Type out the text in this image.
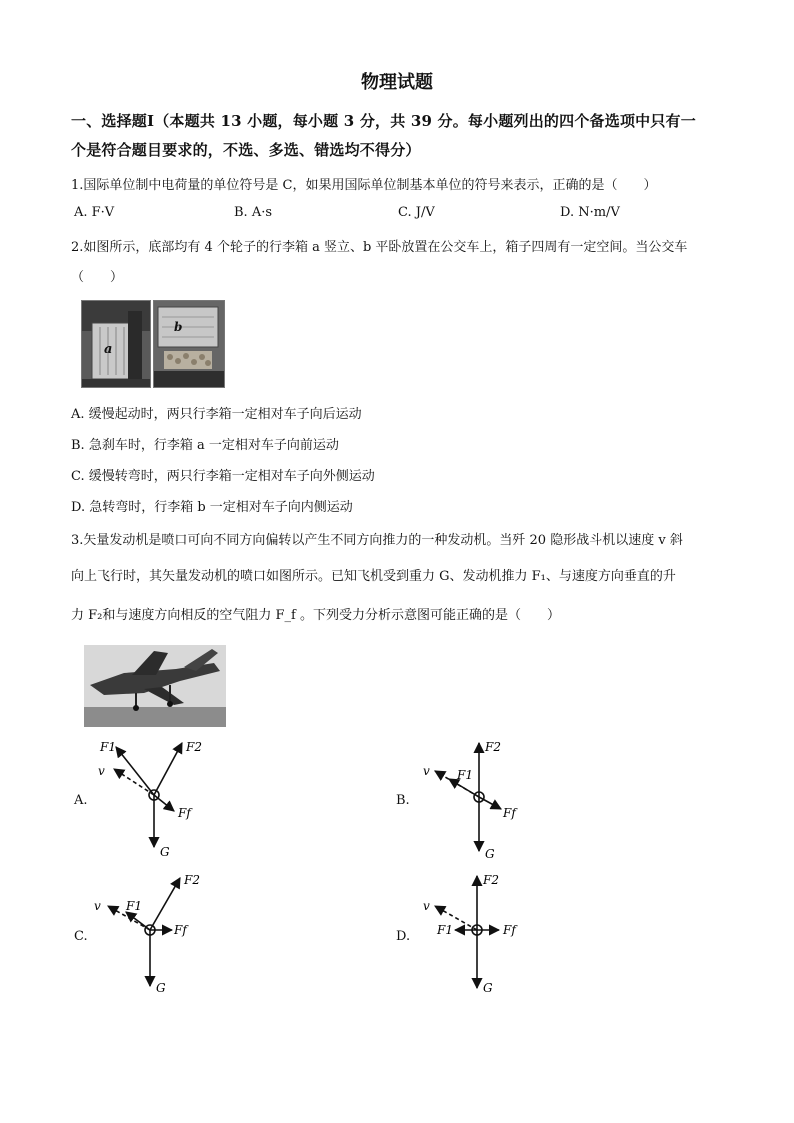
物理试题
一、选择题Ⅰ（本题共 13 小题，每小题 3 分，共 39 分。每小题列出的四个备选项中只有一
个是符合题目要求的，不选、多选、错选均不得分）
1.国际单位制中电荷量的单位符号是 C，如果用国际单位制基本单位的符号来表示，正确的是（　　）
A. F·V	B. A·s	C. J/V	D. N·m/V
2.如图所示，底部均有 4 个轮子的行李箱 a 竖立、b 平卧放置在公交车上，箱子四周有一定空间。当公交车
（　　）
a
b
A. 缓慢起动时，两只行李箱一定相对车子向后运动
B. 急刹车时，行李箱 a 一定相对车子向前运动
C. 缓慢转弯时，两只行李箱一定相对车子向外侧运动
D. 急转弯时，行李箱 b 一定相对车子向内侧运动
3.矢量发动机是喷口可向不同方向偏转以产生不同方向推力的一种发动机。当歼 20 隐形战斗机以速度 v 斜
向上飞行时，其矢量发动机的喷口如图所示。已知飞机受到重力 G、发动机推力 F₁、与速度方向垂直的升
力 F₂和与速度方向相反的空气阻力 F_f 。下列受力分析示意图可能正确的是（　　）
A.
F1	F2
Ff
G
v
B.
F2
F1
Ff
G
v
C.
F2
F1
Ff
G
v
D.
F2
F1	Ff
G
v
